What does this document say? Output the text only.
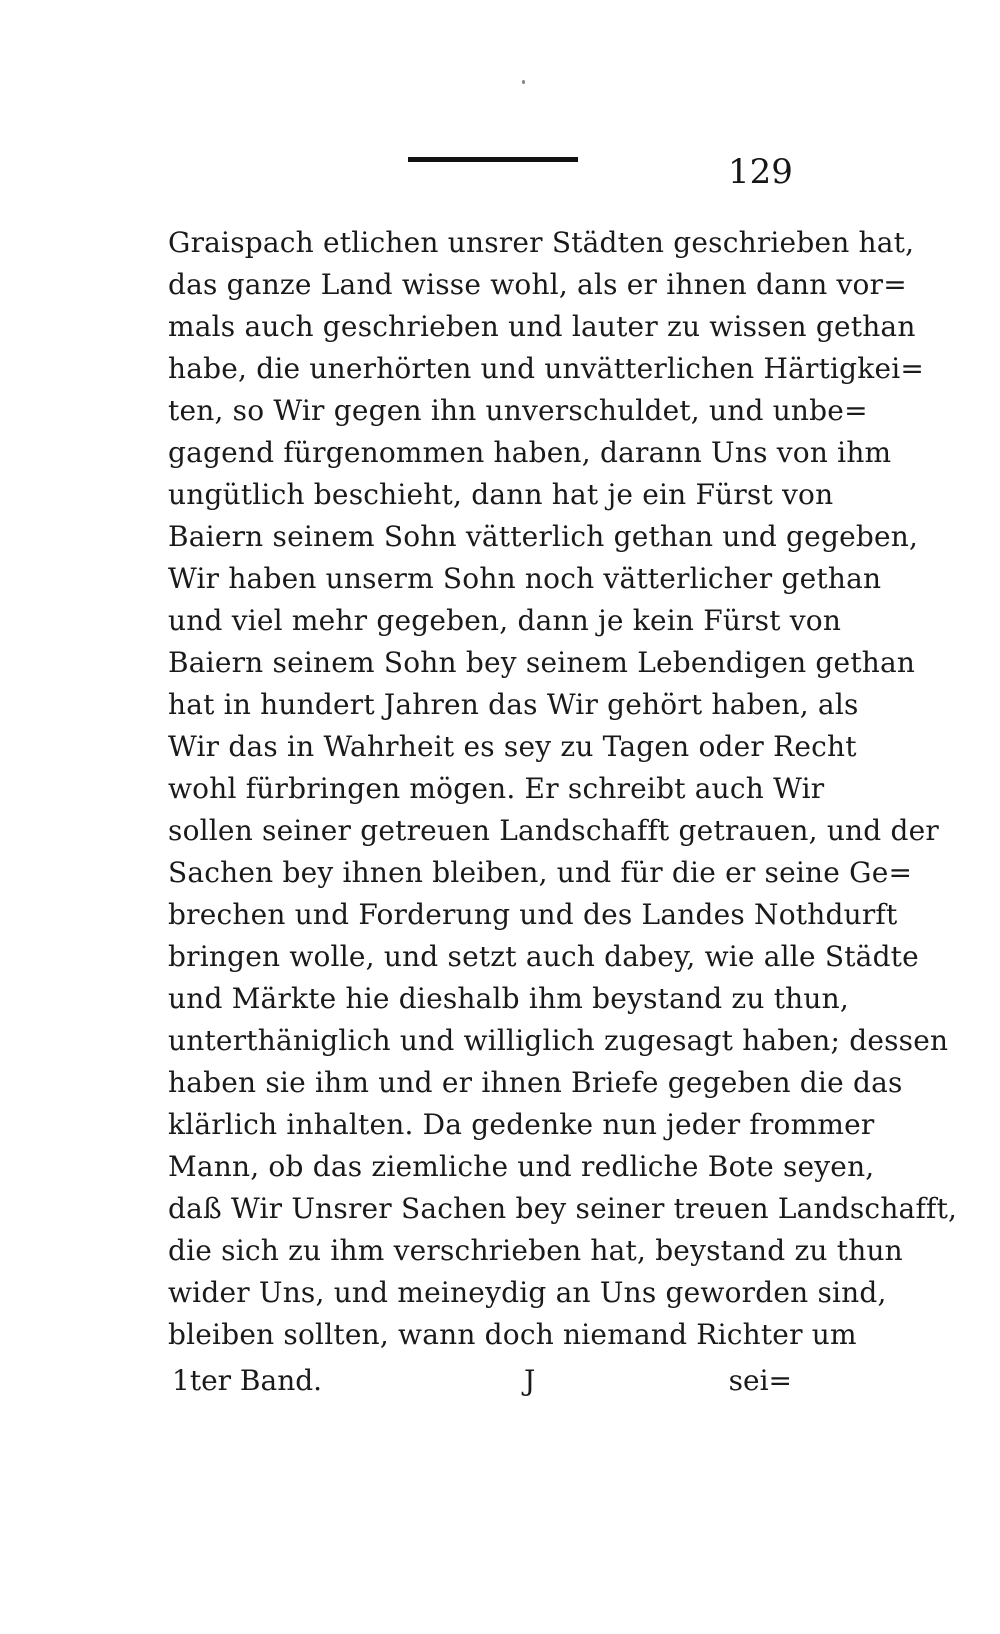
129
Graispach etlichen unsrer Städten geschrieben hat,
das ganze Land wisse wohl, als er ihnen dann vor=
mals auch geschrieben und lauter zu wissen gethan
habe, die unerhörten und unvätterlichen Härtigkei=
ten, so Wir gegen ihn unverschuldet, und unbe=
gagend fürgenommen haben, darann Uns von ihm
ungütlich beschieht, dann hat je ein Fürst von
Baiern seinem Sohn vätterlich gethan und gegeben,
Wir haben unserm Sohn noch vätterlicher gethan
und viel mehr gegeben, dann je kein Fürst von
Baiern seinem Sohn bey seinem Lebendigen gethan
hat in hundert Jahren das Wir gehört haben, als
Wir das in Wahrheit es sey zu Tagen oder Recht
wohl fürbringen mögen. Er schreibt auch Wir
sollen seiner getreuen Landschafft getrauen, und der
Sachen bey ihnen bleiben, und für die er seine Ge=
brechen und Forderung und des Landes Nothdurft
bringen wolle, und setzt auch dabey, wie alle Städte
und Märkte hie dieshalb ihm beystand zu thun,
unterthäniglich und williglich zugesagt haben; dessen
haben sie ihm und er ihnen Briefe gegeben die das
klärlich inhalten. Da gedenke nun jeder frommer
Mann, ob das ziemliche und redliche Bote seyen,
daß Wir Unsrer Sachen bey seiner treuen Landschafft,
die sich zu ihm verschrieben hat, beystand zu thun
wider Uns, und meineydig an Uns geworden sind,
bleiben sollten, wann doch niemand Richter um
1ter Band.	J	sei=
